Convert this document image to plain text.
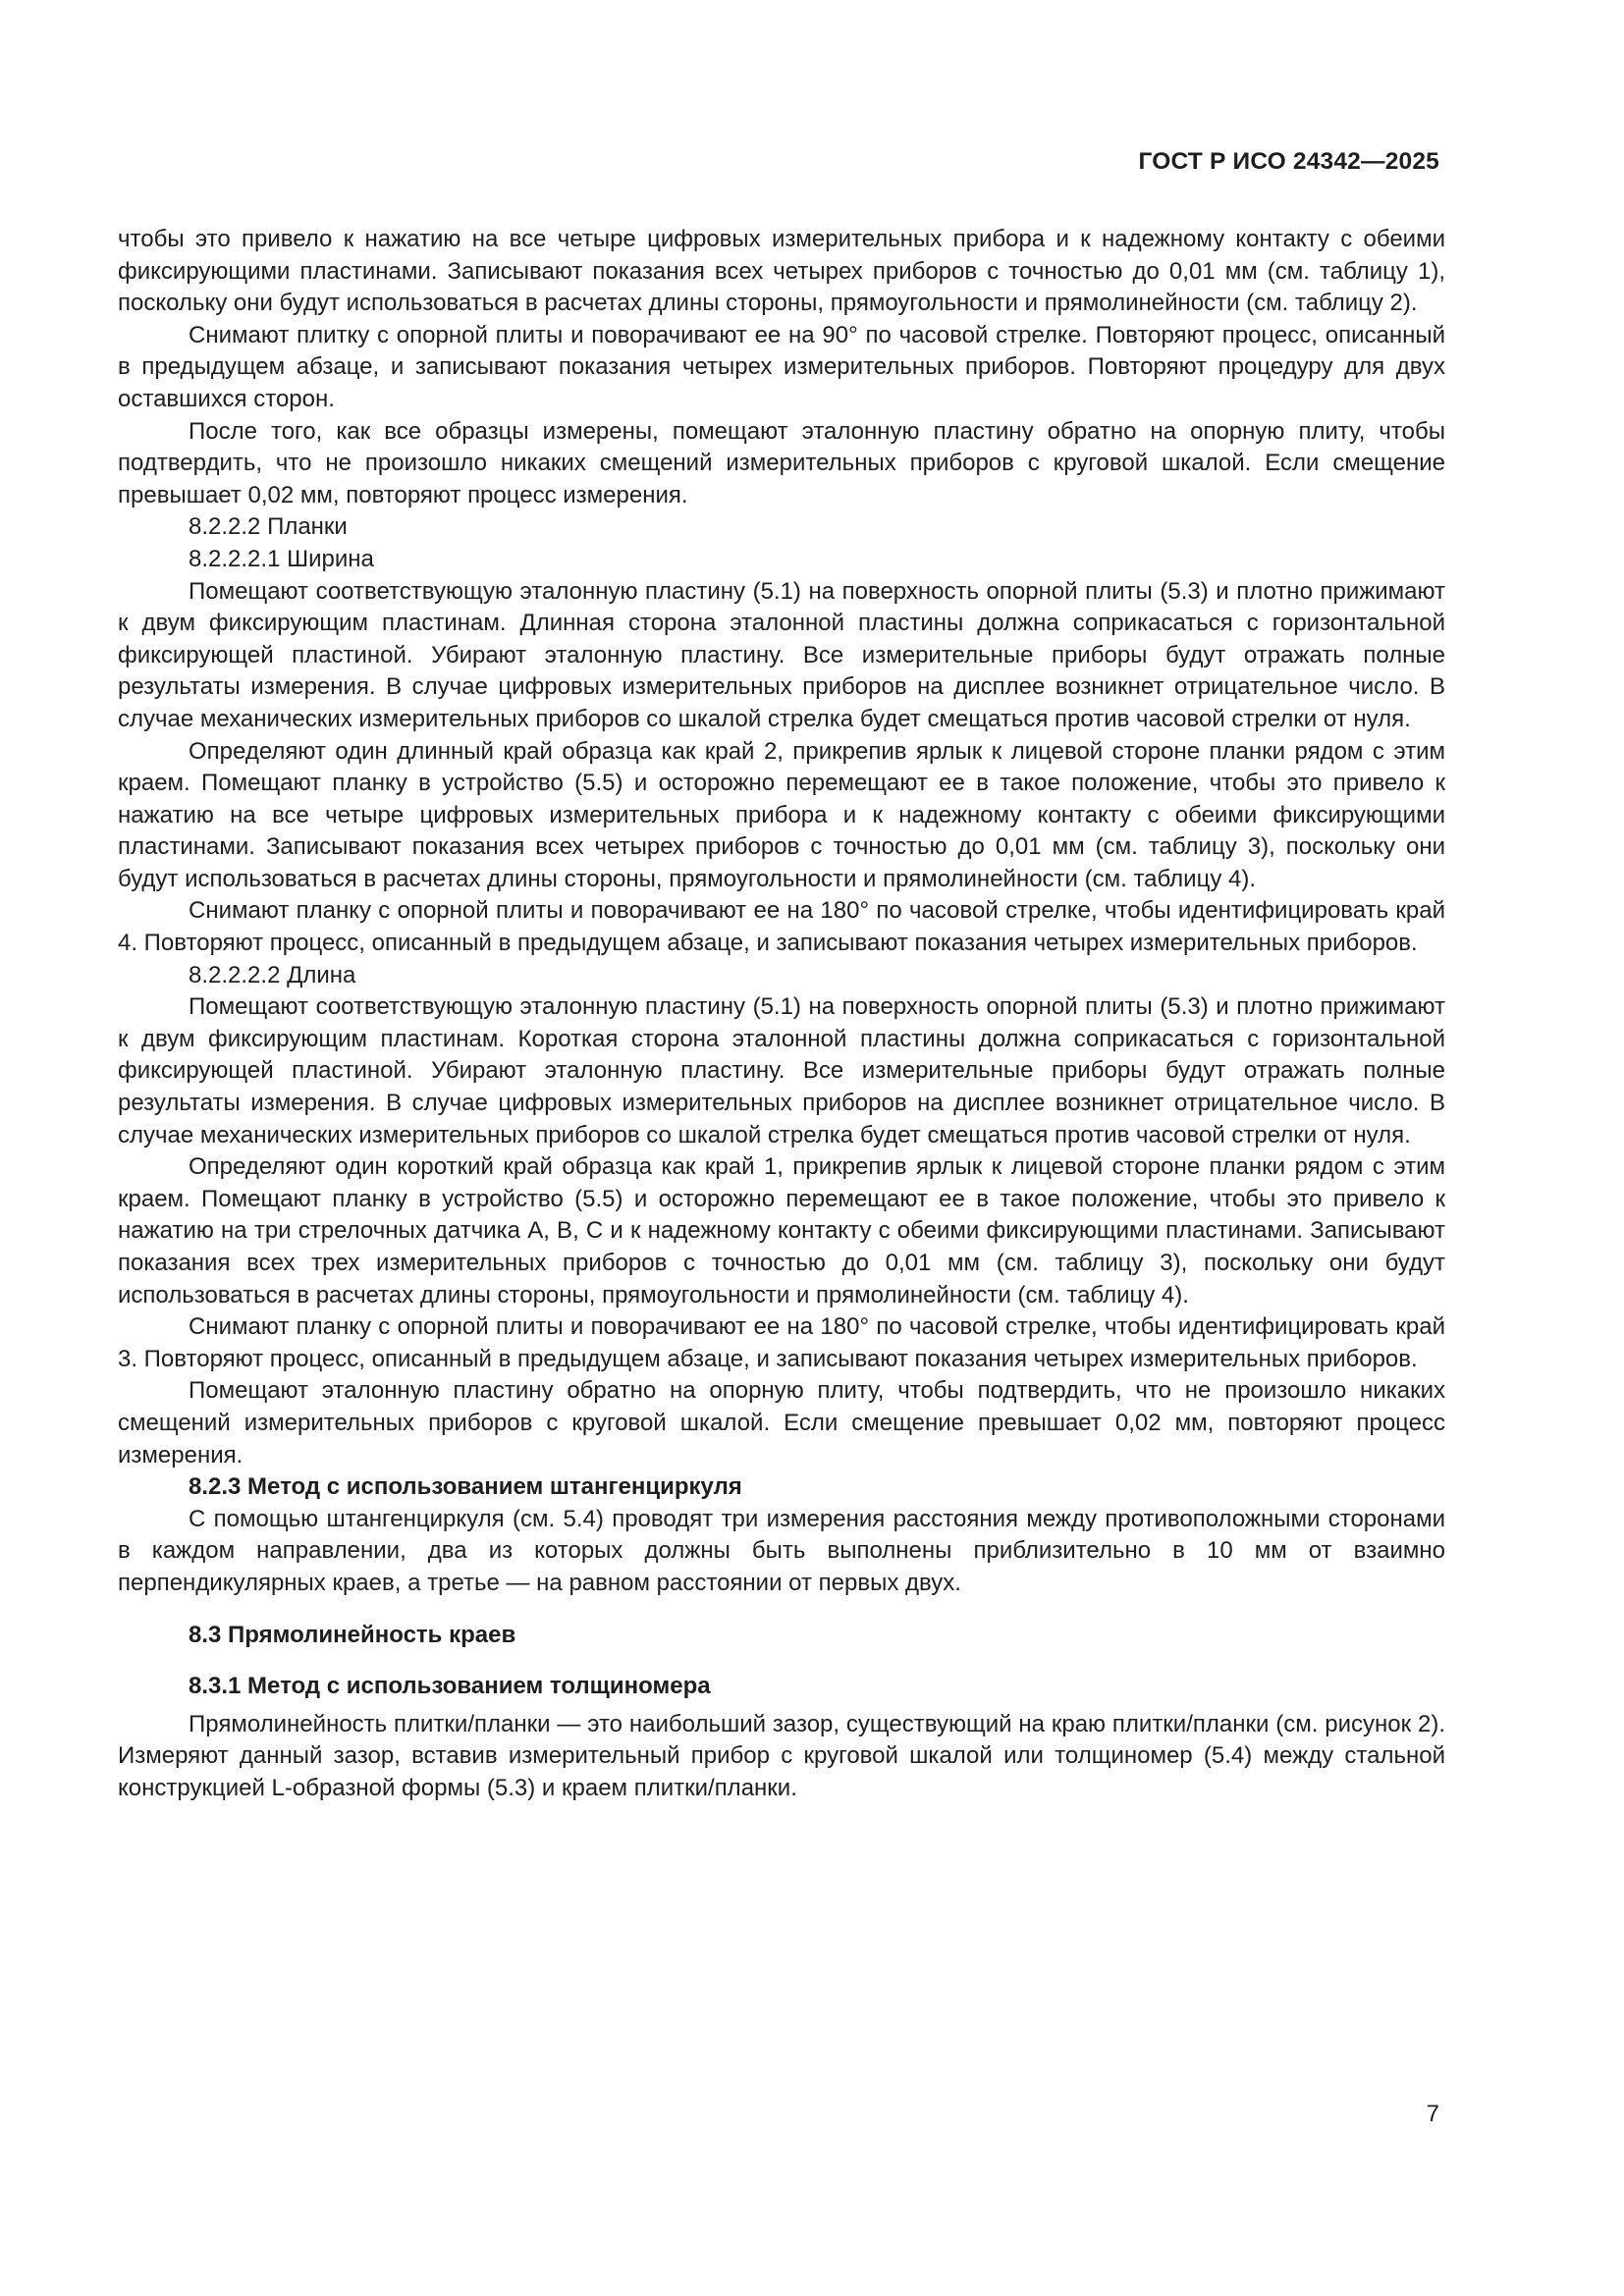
ГОСТ Р ИСО 24342—2025

чтобы это привело к нажатию на все четыре цифровых измерительных прибора и к надежному контакту с обеими фиксирующими пластинами. Записывают показания всех четырех приборов с точностью до 0,01 мм (см. таблицу 1), поскольку они будут использоваться в расчетах длины стороны, прямоугольности и прямолинейности (см. таблицу 2).

Снимают плитку с опорной плиты и поворачивают ее на 90° по часовой стрелке. Повторяют процесс, описанный в предыдущем абзаце, и записывают показания четырех измерительных приборов. Повторяют процедуру для двух оставшихся сторон.

После того, как все образцы измерены, помещают эталонную пластину обратно на опорную плиту, чтобы подтвердить, что не произошло никаких смещений измерительных приборов с круговой шкалой. Если смещение превышает 0,02 мм, повторяют процесс измерения.

8.2.2.2 Планки

8.2.2.2.1 Ширина

Помещают соответствующую эталонную пластину (5.1) на поверхность опорной плиты (5.3) и плотно прижимают к двум фиксирующим пластинам. Длинная сторона эталонной пластины должна соприкасаться с горизонтальной фиксирующей пластиной. Убирают эталонную пластину. Все измерительные приборы будут отражать полные результаты измерения. В случае цифровых измерительных приборов на дисплее возникнет отрицательное число. В случае механических измерительных приборов со шкалой стрелка будет смещаться против часовой стрелки от нуля.

Определяют один длинный край образца как край 2, прикрепив ярлык к лицевой стороне планки рядом с этим краем. Помещают планку в устройство (5.5) и осторожно перемещают ее в такое положение, чтобы это привело к нажатию на все четыре цифровых измерительных прибора и к надежному контакту с обеими фиксирующими пластинами. Записывают показания всех четырех приборов с точностью до 0,01 мм (см. таблицу 3), поскольку они будут использоваться в расчетах длины стороны, прямоугольности и прямолинейности (см. таблицу 4).

Снимают планку с опорной плиты и поворачивают ее на 180° по часовой стрелке, чтобы идентифицировать край 4. Повторяют процесс, описанный в предыдущем абзаце, и записывают показания четырех измерительных приборов.

8.2.2.2.2 Длина

Помещают соответствующую эталонную пластину (5.1) на поверхность опорной плиты (5.3) и плотно прижимают к двум фиксирующим пластинам. Короткая сторона эталонной пластины должна соприкасаться с горизонтальной фиксирующей пластиной. Убирают эталонную пластину. Все измерительные приборы будут отражать полные результаты измерения. В случае цифровых измерительных приборов на дисплее возникнет отрицательное число. В случае механических измерительных приборов со шкалой стрелка будет смещаться против часовой стрелки от нуля.

Определяют один короткий край образца как край 1, прикрепив ярлык к лицевой стороне планки рядом с этим краем. Помещают планку в устройство (5.5) и осторожно перемещают ее в такое положение, чтобы это привело к нажатию на три стрелочных датчика А, В, С и к надежному контакту с обеими фиксирующими пластинами. Записывают показания всех трех измерительных приборов с точностью до 0,01 мм (см. таблицу 3), поскольку они будут использоваться в расчетах длины стороны, прямоугольности и прямолинейности (см. таблицу 4).

Снимают планку с опорной плиты и поворачивают ее на 180° по часовой стрелке, чтобы идентифицировать край 3. Повторяют процесс, описанный в предыдущем абзаце, и записывают показания четырех измерительных приборов.

Помещают эталонную пластину обратно на опорную плиту, чтобы подтвердить, что не произошло никаких смещений измерительных приборов с круговой шкалой. Если смещение превышает 0,02 мм, повторяют процесс измерения.

8.2.3 Метод с использованием штангенциркуля

С помощью штангенциркуля (см. 5.4) проводят три измерения расстояния между противоположными сторонами в каждом направлении, два из которых должны быть выполнены приблизительно в 10 мм от взаимно перпендикулярных краев, а третье — на равном расстоянии от первых двух.

8.3 Прямолинейность краев

8.3.1 Метод с использованием толщиномера

Прямолинейность плитки/планки — это наибольший зазор, существующий на краю плитки/планки (см. рисунок 2). Измеряют данный зазор, вставив измерительный прибор с круговой шкалой или толщиномер (5.4) между стальной конструкцией L-образной формы (5.3) и краем плитки/планки.

7
